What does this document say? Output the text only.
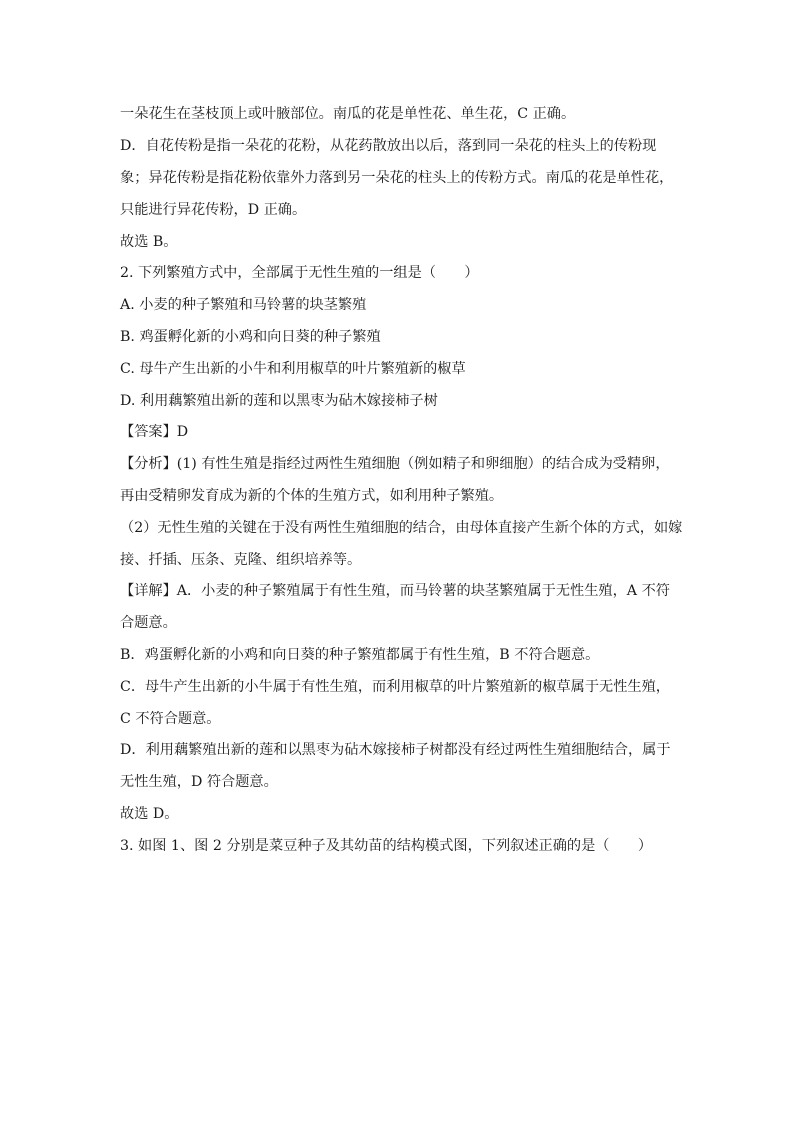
一朵花生在茎枝顶上或叶腋部位。南瓜的花是单性花、单生花，C 正确。
D．自花传粉是指一朵花的花粉，从花药散放出以后，落到同一朵花的柱头上的传粉现
象；异花传粉是指花粉依靠外力落到另一朵花的柱头上的传粉方式。南瓜的花是单性花，
只能进行异花传粉，D 正确。
故选 B。
2. 下列繁殖方式中，全部属于无性生殖的一组是（　　）
A. 小麦的种子繁殖和马铃薯的块茎繁殖
B. 鸡蛋孵化新的小鸡和向日葵的种子繁殖
C. 母牛产生出新的小牛和利用椒草的叶片繁殖新的椒草
D. 利用藕繁殖出新的莲和以黑枣为砧木嫁接柿子树
【答案】D
【分析】(1) 有性生殖是指经过两性生殖细胞（例如精子和卵细胞）的结合成为受精卵，
再由受精卵发育成为新的个体的生殖方式，如利用种子繁殖。
（2）无性生殖的关键在于没有两性生殖细胞的结合，由母体直接产生新个体的方式，如嫁
接、扦插、压条、克隆、组织培养等。
【详解】A．小麦的种子繁殖属于有性生殖，而马铃薯的块茎繁殖属于无性生殖，A 不符
合题意。
B．鸡蛋孵化新的小鸡和向日葵的种子繁殖都属于有性生殖，B 不符合题意。
C．母牛产生出新的小牛属于有性生殖，而利用椒草的叶片繁殖新的椒草属于无性生殖，
C 不符合题意。
D．利用藕繁殖出新的莲和以黑枣为砧木嫁接柿子树都没有经过两性生殖细胞结合，属于
无性生殖，D 符合题意。
故选 D。
3. 如图 1、图 2 分别是菜豆种子及其幼苗的结构模式图，下列叙述正确的是（　　）
